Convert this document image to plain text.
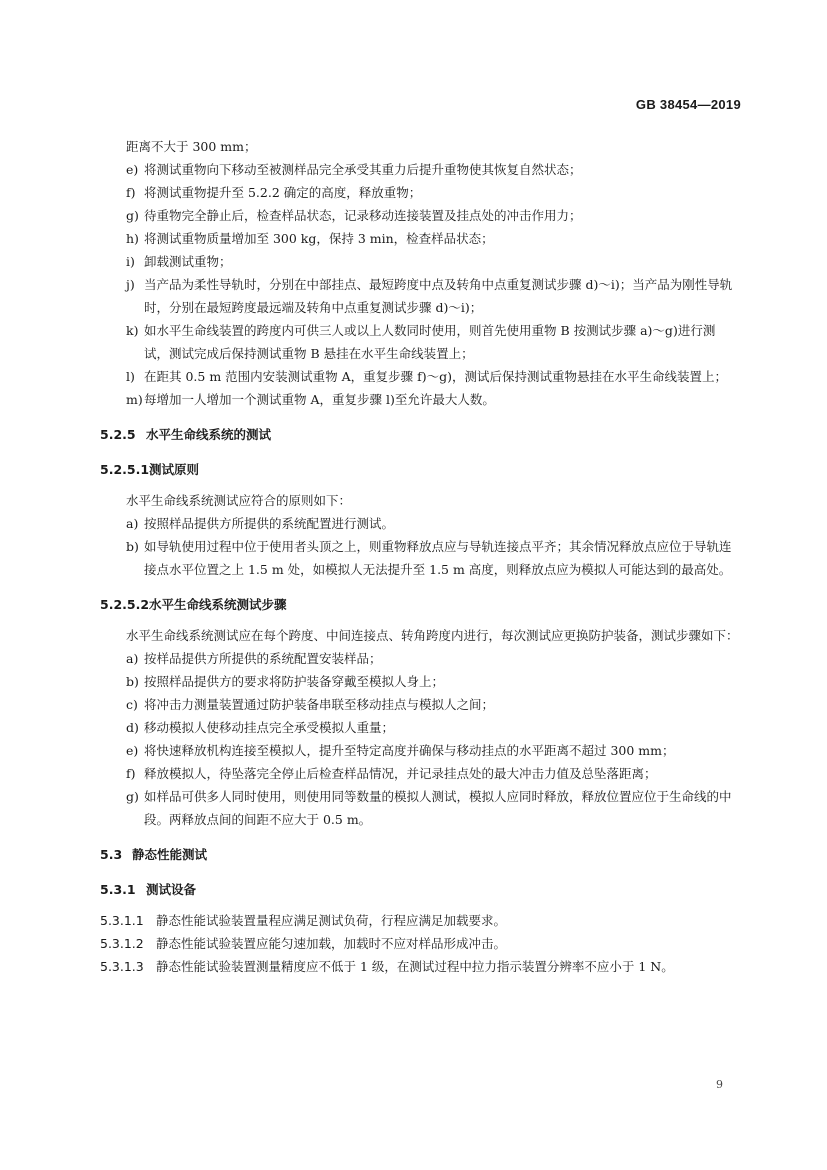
GB 38454—2019

距离不大于 300 mm；

e) 将测试重物向下移动至被测样品完全承受其重力后提升重物使其恢复自然状态；

f) 将测试重物提升至 5.2.2 确定的高度，释放重物；

g) 待重物完全静止后，检查样品状态，记录移动连接装置及挂点处的冲击作用力；

h) 将测试重物质量增加至 300 kg，保持 3 min，检查样品状态；

i) 卸载测试重物；

j) 当产品为柔性导轨时，分别在中部挂点、最短跨度中点及转角中点重复测试步骤 d)～i)；当产品为刚性导轨时，分别在最短跨度最远端及转角中点重复测试步骤 d)～i)；

k) 如水平生命线装置的跨度内可供三人或以上人数同时使用，则首先使用重物 B 按测试步骤 a)～g)进行测试，测试完成后保持测试重物 B 悬挂在水平生命线装置上；

l) 在距其 0.5 m 范围内安装测试重物 A，重复步骤 f)～g)，测试后保持测试重物悬挂在水平生命线装置上；

m) 每增加一人增加一个测试重物 A，重复步骤 l)至允许最大人数。

5.2.5 水平生命线系统的测试
5.2.5.1测试原则

水平生命线系统测试应符合的原则如下：

a) 按照样品提供方所提供的系统配置进行测试。

b) 如导轨使用过程中位于使用者头顶之上，则重物释放点应与导轨连接点平齐；其余情况释放点应位于导轨连接点水平位置之上 1.5 m 处，如模拟人无法提升至 1.5 m 高度，则释放点应为模拟人可能达到的最高处。

5.2.5.2水平生命线系统测试步骤

水平生命线系统测试应在每个跨度、中间连接点、转角跨度内进行，每次测试应更换防护装备，测试步骤如下：

a) 按样品提供方所提供的系统配置安装样品；

b) 按照样品提供方的要求将防护装备穿戴至模拟人身上；

c) 将冲击力测量装置通过防护装备串联至移动挂点与模拟人之间；

d) 移动模拟人使移动挂点完全承受模拟人重量；

e) 将快速释放机构连接至模拟人，提升至特定高度并确保与移动挂点的水平距离不超过 300 mm；

f) 释放模拟人，待坠落完全停止后检查样品情况，并记录挂点处的最大冲击力值及总坠落距离；

g) 如样品可供多人同时使用，则使用同等数量的模拟人测试，模拟人应同时释放，释放位置应位于生命线的中段。两释放点间的间距不应大于 0.5 m。

5.3 静态性能测试
5.3.1 测试设备

5.3.1.1 静态性能试验装置量程应满足测试负荷，行程应满足加载要求。

5.3.1.2 静态性能试验装置应能匀速加载，加载时不应对样品形成冲击。

5.3.1.3 静态性能试验装置测量精度应不低于 1 级，在测试过程中拉力指示装置分辨率不应小于 1 N。

9
